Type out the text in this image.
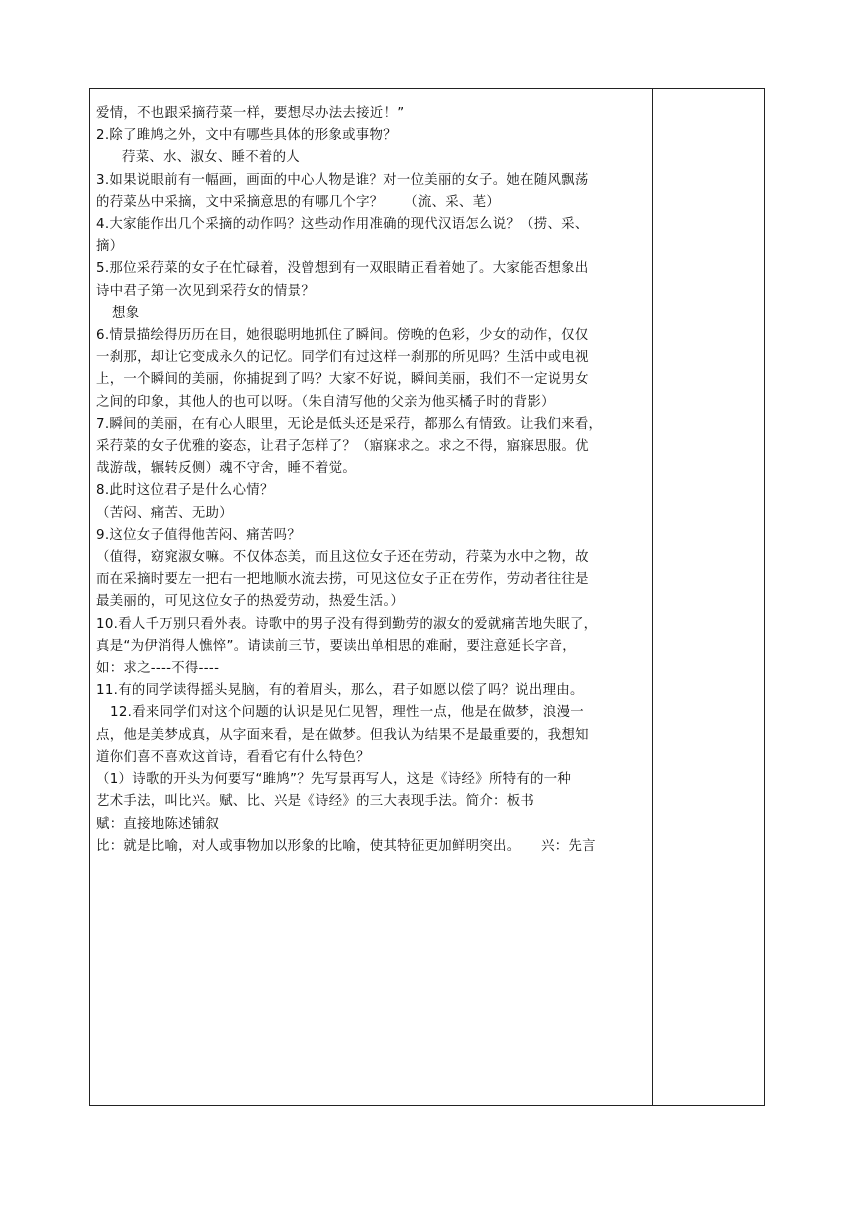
爱情，不也跟采摘荇菜一样，要想尽办法去接近！”

2.除了雎鸠之外，文中有哪些具体的形象或事物？

荇菜、水、淑女、睡不着的人

3.如果说眼前有一幅画，画面的中心人物是谁？对一位美丽的女子。她在随风飘荡

的荇菜丛中采摘，文中采摘意思的有哪几个字？　　（流、采、芼）

4.大家能作出几个采摘的动作吗？这些动作用准确的现代汉语怎么说？（捞、采、

摘）

5.那位采荇菜的女子在忙碌着，没曾想到有一双眼睛正看着她了。大家能否想象出

诗中君子第一次见到采荇女的情景？

想象

6.情景描绘得历历在目，她很聪明地抓住了瞬间。傍晚的色彩，少女的动作，仅仅

一刹那，却让它变成永久的记忆。同学们有过这样一刹那的所见吗？生活中或电视

上，一个瞬间的美丽，你捕捉到了吗？大家不好说，瞬间美丽，我们不一定说男女

之间的印象，其他人的也可以呀。（朱自清写他的父亲为他买橘子时的背影）

7.瞬间的美丽，在有心人眼里，无论是低头还是采荇，都那么有情致。让我们来看，

采荇菜的女子优雅的姿态，让君子怎样了？（寤寐求之。求之不得，寤寐思服。优

哉游哉，辗转反侧）魂不守舍，睡不着觉。

8.此时这位君子是什么心情？

（苦闷、痛苦、无助）

9.这位女子值得他苦闷、痛苦吗？

（值得，窈窕淑女嘛。不仅体态美，而且这位女子还在劳动，荇菜为水中之物，故

而在采摘时要左一把右一把地顺水流去捞，可见这位女子正在劳作，劳动者往往是

最美丽的，可见这位女子的热爱劳动，热爱生活。）

10.看人千万别只看外表。诗歌中的男子没有得到勤劳的淑女的爱就痛苦地失眠了，

真是“为伊消得人憔悴”。请读前三节，要读出单相思的难耐，要注意延长字音，

如：求之----不得----

11.有的同学读得摇头晃脑，有的着眉头，那么，君子如愿以偿了吗？说出理由。

12.看来同学们对这个问题的认识是见仁见智，理性一点，他是在做梦，浪漫一

点，他是美梦成真，从字面来看，是在做梦。但我认为结果不是最重要的，我想知

道你们喜不喜欢这首诗，看看它有什么特色？

（1）诗歌的开头为何要写“雎鸠”？先写景再写人，这是《诗经》所特有的一种

艺术手法，叫比兴。赋、比、兴是《诗经》的三大表现手法。简介：板书

赋：直接地陈述铺叙

比：就是比喻，对人或事物加以形象的比喻，使其特征更加鲜明突出。　　兴：先言
